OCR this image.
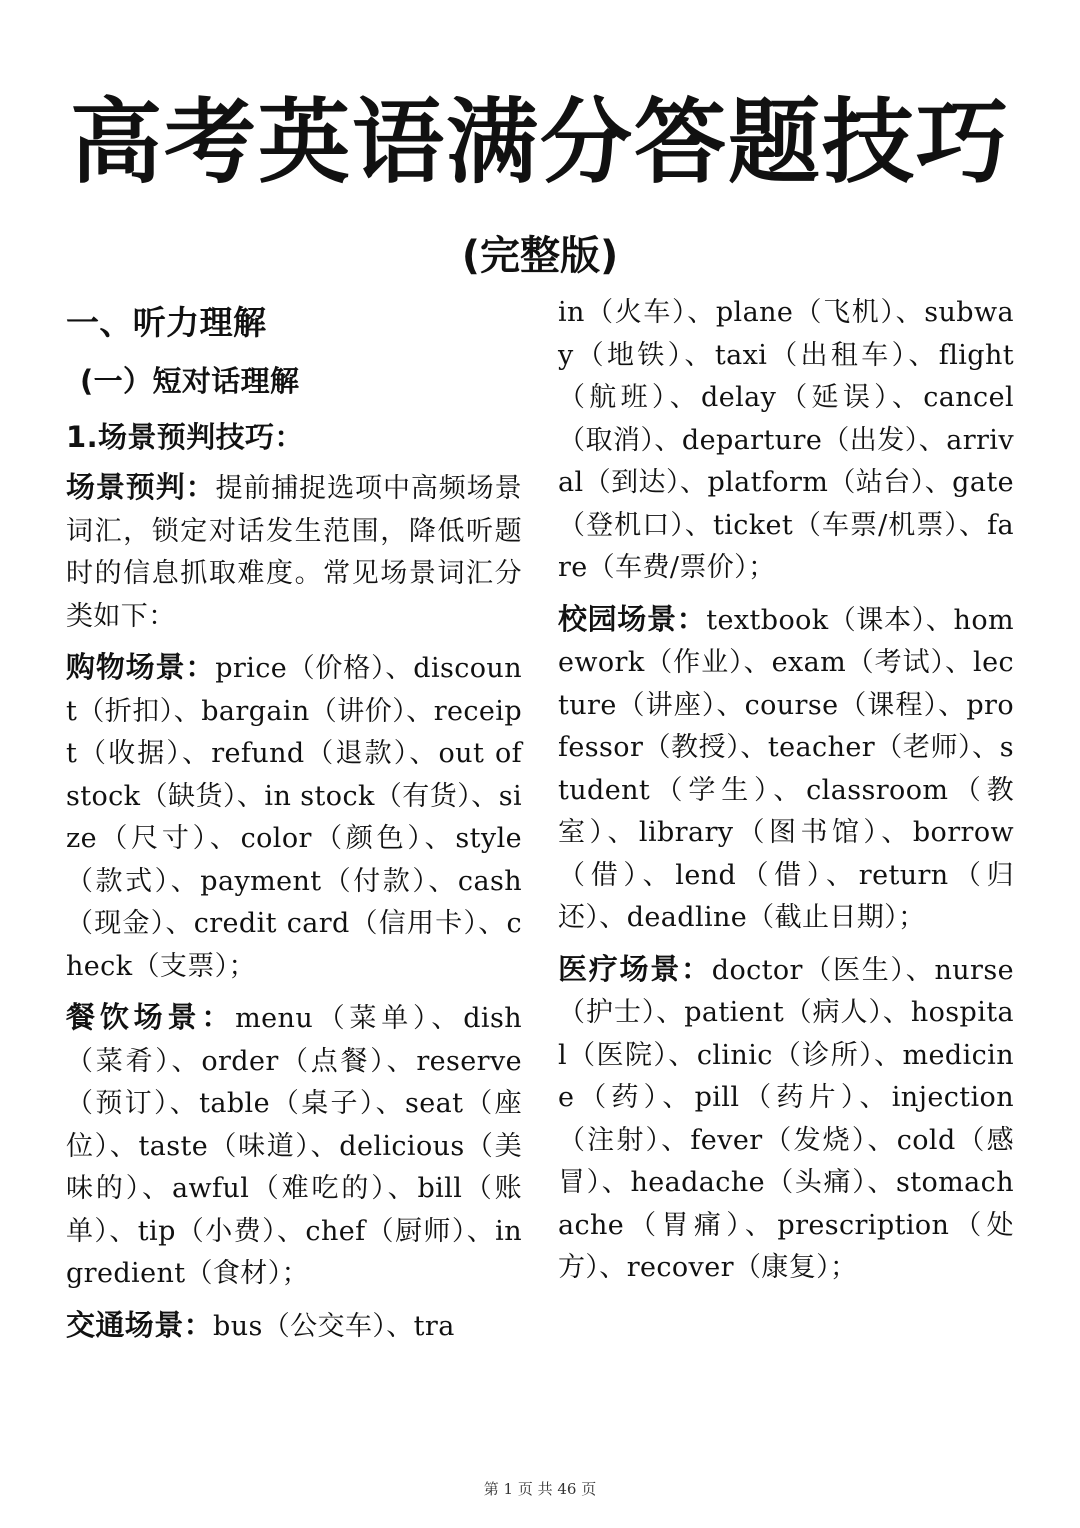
高考英语满分答题技巧
(完整版)
一、听力理解
(一）短对话理解
1.场景预判技巧：

场景预判：提前捕捉选项中高频场景词汇，锁定对话发生范围，降低听题时的信息抓取难度。常见场景词汇分类如下：

购物场景：price（价格）、discount（折扣）、bargain（讲价）、receipt（收据）、refund（退款）、out of stock（缺货）、in stock（有货）、size（尺寸）、color（颜色）、style（款式）、payment（付款）、cash（现金）、credit card（信用卡）、check（支票）；

餐饮场景：menu（菜单）、dish（菜肴）、order（点餐）、reserve（预订）、table（桌子）、seat（座位）、taste（味道）、delicious（美味的）、awful（难吃的）、bill（账单）、tip（小费）、chef（厨师）、ingredient（食材）；

交通场景：bus（公交车）、tra

in（火车）、plane（飞机）、subway（地铁）、taxi（出租车）、flight（航班）、delay（延误）、cancel（取消）、departure（出发）、arrival（到达）、platform（站台）、gate（登机口）、ticket（车票/机票）、fare（车费/票价）；

校园场景：textbook（课本）、homework（作业）、exam（考试）、lecture（讲座）、course（课程）、professor（教授）、teacher（老师）、student（学生）、classroom（教室）、library（图书馆）、borrow（借）、lend（借）、return（归还）、deadline（截止日期）；

医疗场景：doctor（医生）、nurse（护士）、patient（病人）、hospital（医院）、clinic（诊所）、medicine（药）、pill（药片）、injection（注射）、fever（发烧）、cold（感冒）、headache（头痛）、stomachache（胃痛）、prescription（处方）、recover（康复）；

第 1 页 共 46 页
